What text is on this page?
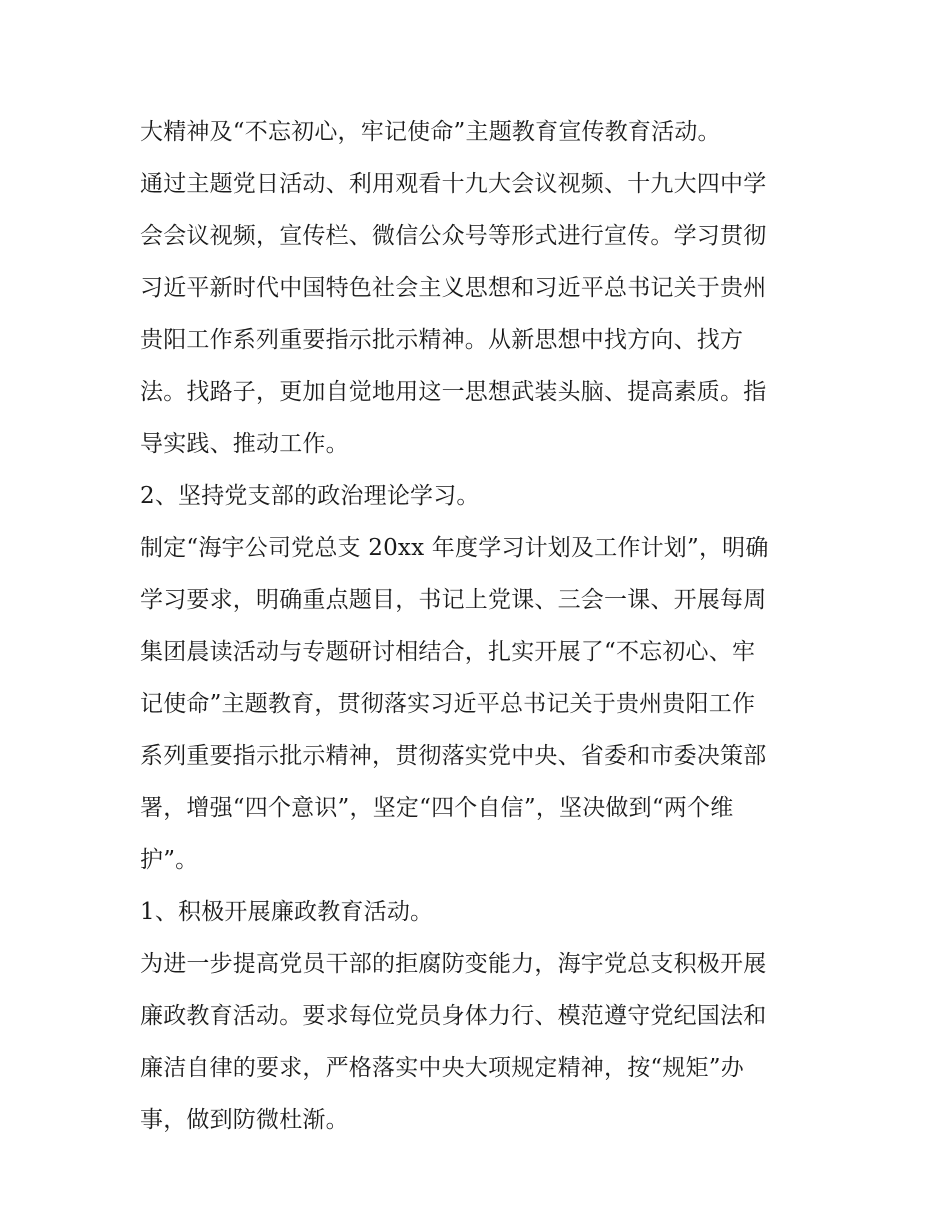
大精神及“不忘初心，牢记使命”主题教育宣传教育活动。
通过主题党日活动、利用观看十九大会议视频、十九大四中学
会会议视频，宣传栏、微信公众号等形式进行宣传。学习贯彻
习近平新时代中国特色社会主义思想和习近平总书记关于贵州
贵阳工作系列重要指示批示精神。从新思想中找方向、找方
法。找路子，更加自觉地用这一思想武装头脑、提高素质。指
导实践、推动工作。
2、坚持党支部的政治理论学习。
制定“海宇公司党总支 20xx 年度学习计划及工作计划”，明确
学习要求，明确重点题目，书记上党课、三会一课、开展每周
集团晨读活动与专题研讨相结合，扎实开展了“不忘初心、牢
记使命”主题教育，贯彻落实习近平总书记关于贵州贵阳工作
系列重要指示批示精神，贯彻落实党中央、省委和市委决策部
署，增强“四个意识”，坚定“四个自信”，坚决做到“两个维
护”。
1、积极开展廉政教育活动。
为进一步提高党员干部的拒腐防变能力，海宇党总支积极开展
廉政教育活动。要求每位党员身体力行、模范遵守党纪国法和
廉洁自律的要求，严格落实中央大项规定精神，按“规矩”办
事，做到防微杜渐。
